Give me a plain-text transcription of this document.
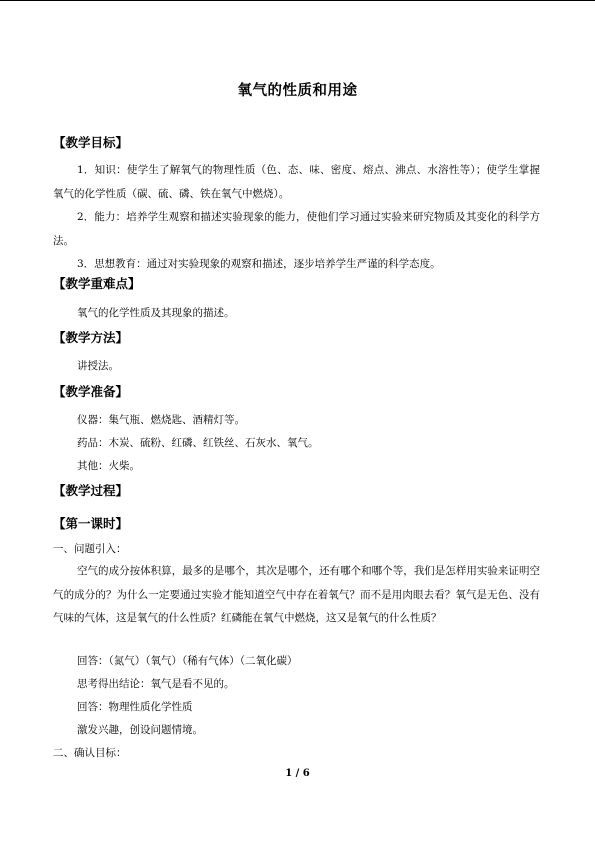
氧气的性质和用途
【教学目标】
1．知识：使学生了解氧气的物理性质（色、态、味、密度、熔点、沸点、水溶性等）；使学生掌握氧气的化学性质（碳、硫、磷、铁在氧气中燃烧）。
2．能力：培养学生观察和描述实验现象的能力，使他们学习通过实验来研究物质及其变化的科学方法。
3．思想教育：通过对实验现象的观察和描述，逐步培养学生严谨的科学态度。
【教学重难点】
氧气的化学性质及其现象的描述。
【教学方法】
讲授法。
【教学准备】
仪器：集气瓶、燃烧匙、酒精灯等。
药品：木炭、硫粉、红磷、红铁丝、石灰水、氧气。
其他：火柴。
【教学过程】
【第一课时】
一、问题引入：
空气的成分按体积算，最多的是哪个，其次是哪个，还有哪个和哪个等，我们是怎样用实验来证明空气的成分的？为什么一定要通过实验才能知道空气中存在着氧气？而不是用肉眼去看？氧气是无色、没有气味的气体，这是氧气的什么性质？红磷能在氧气中燃烧，这又是氧气的什么性质？
回答：（氮气）（氧气）（稀有气体）（二氧化碳）
思考得出结论：氧气是看不见的。
回答：物理性质化学性质
激发兴趣，创设问题情境。
二、确认目标：
1 / 6
